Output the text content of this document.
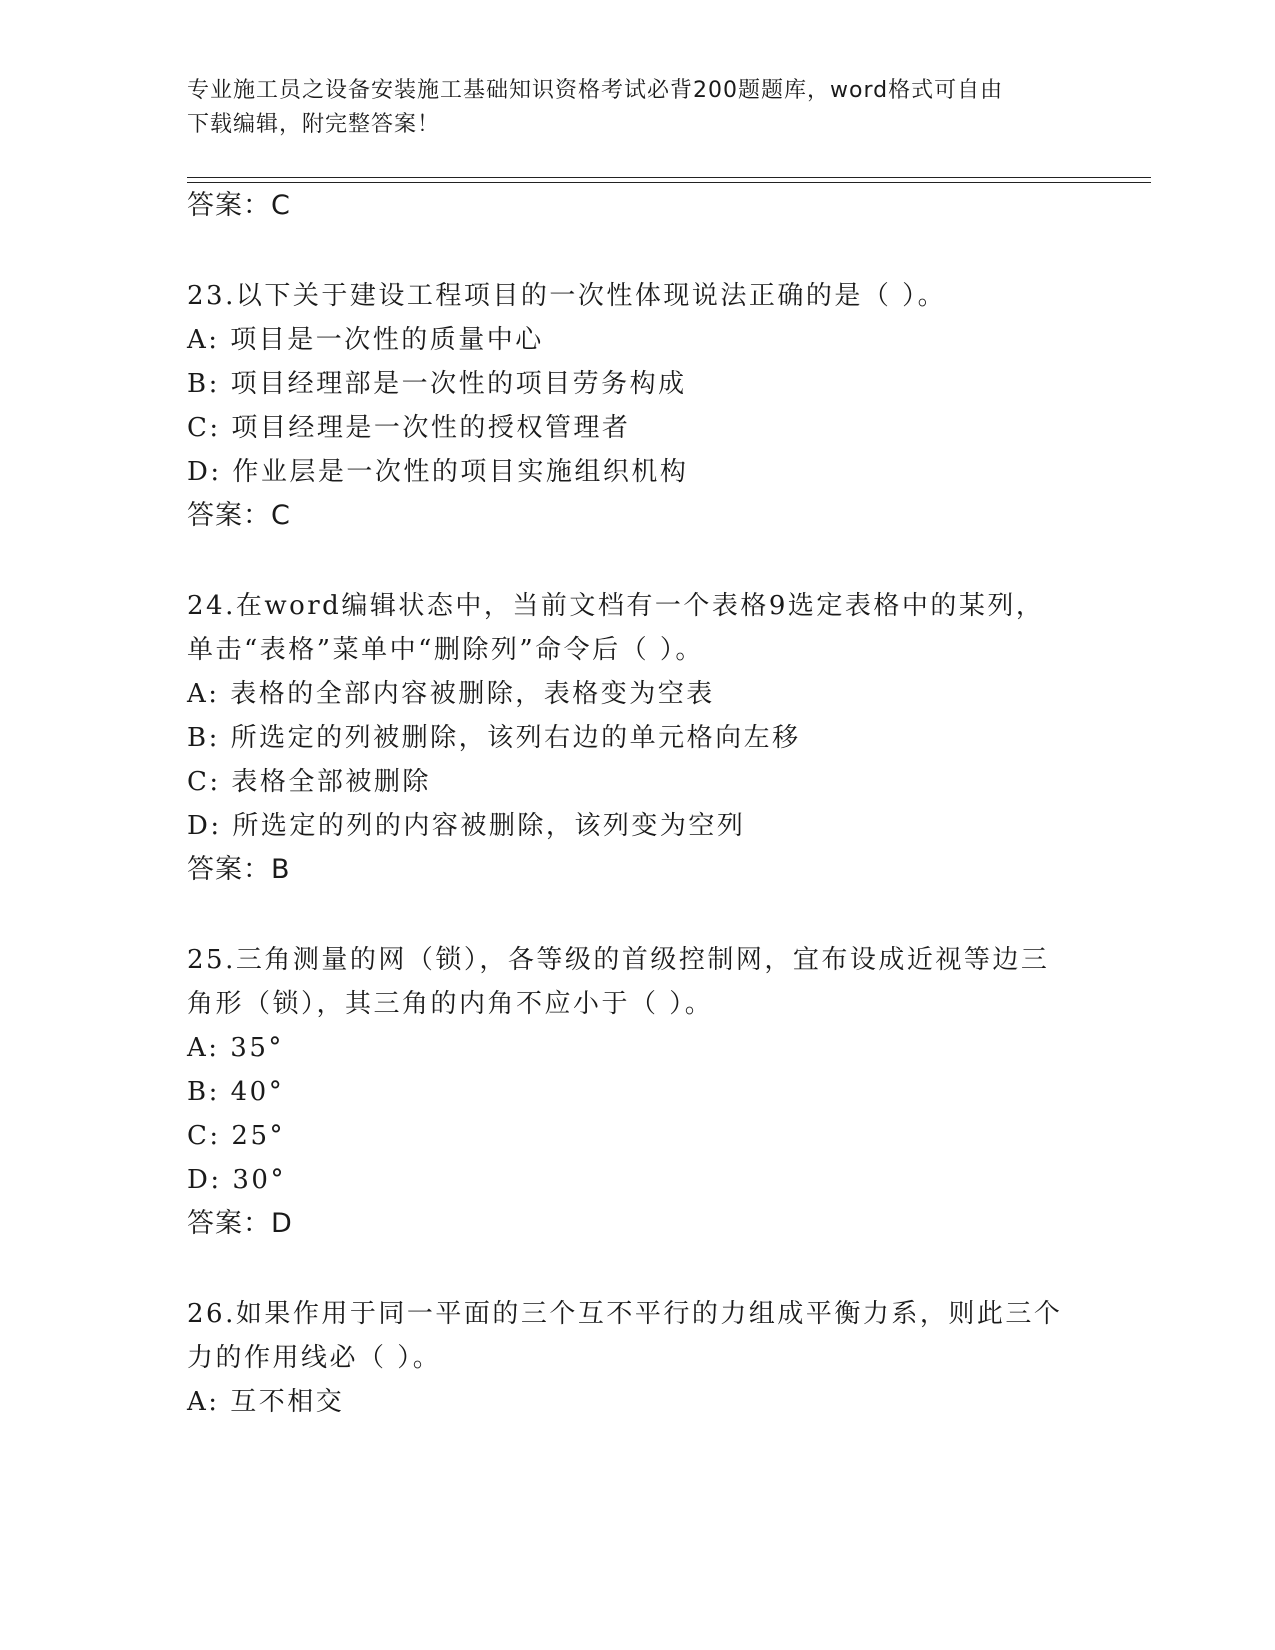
专业施工员之设备安装施工基础知识资格考试必背200题题库，word格式可自由
下载编辑，附完整答案！
答案：C
23.以下关于建设工程项目的一次性体现说法正确的是（ ）。
A: 项目是一次性的质量中心
B: 项目经理部是一次性的项目劳务构成
C: 项目经理是一次性的授权管理者
D: 作业层是一次性的项目实施组织机构
答案：C
24.在word编辑状态中，当前文档有一个表格9选定表格中的某列，
单击“表格”菜单中“删除列”命令后（ ）。
A: 表格的全部内容被删除，表格变为空表
B: 所选定的列被删除，该列右边的单元格向左移
C: 表格全部被删除
D: 所选定的列的内容被删除，该列变为空列
答案：B
25.三角测量的网（锁），各等级的首级控制网，宜布设成近视等边三
角形（锁），其三角的内角不应小于（ ）。
A: 35°
B: 40°
C: 25°
D: 30°
答案：D
26.如果作用于同一平面的三个互不平行的力组成平衡力系，则此三个
力的作用线必（ ）。
A: 互不相交
